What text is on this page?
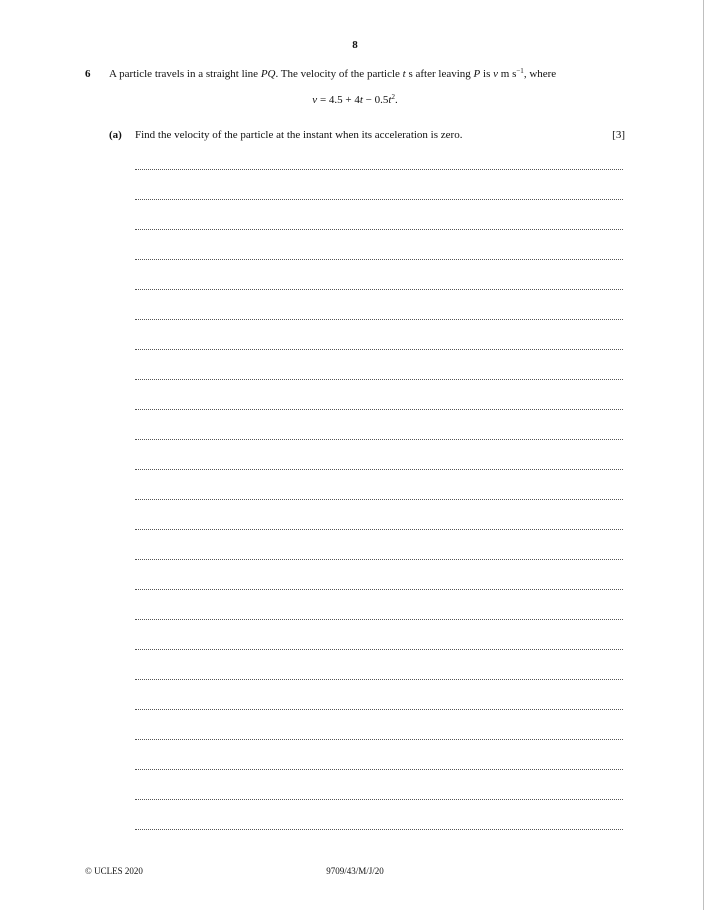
8
6 A particle travels in a straight line PQ. The velocity of the particle t s after leaving P is v m $s^{-1}$, where
$v = 4.5 + 4t - 0.5t^2$.
(a) Find the velocity of the particle at the instant when its acceleration is zero.	[3]
© UCLES 2020	9709/43/M/J/20
